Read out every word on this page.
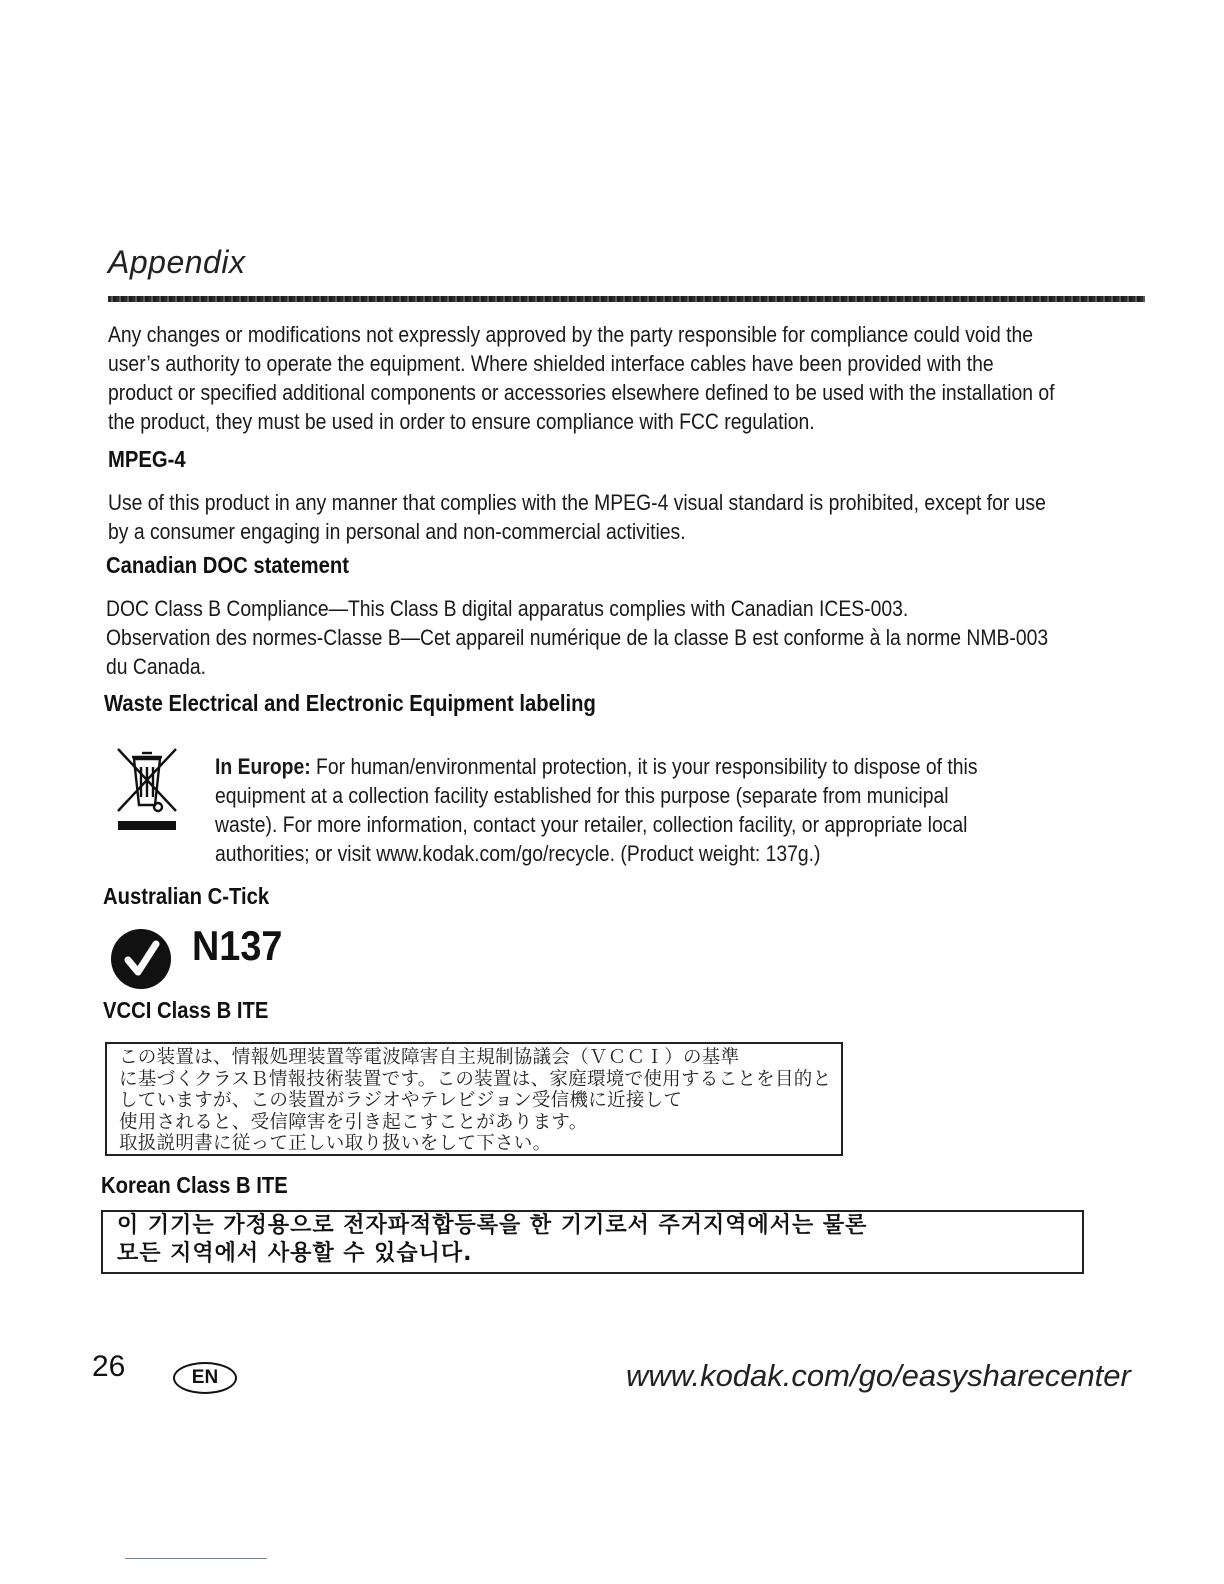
Appendix
Any changes or modifications not expressly approved by the party responsible for compliance could void the
user’s authority to operate the equipment. Where shielded interface cables have been provided with the
product or specified additional components or accessories elsewhere defined to be used with the installation of
the product, they must be used in order to ensure compliance with FCC regulation.
MPEG-4
Use of this product in any manner that complies with the MPEG-4 visual standard is prohibited, except for use
by a consumer engaging in personal and non-commercial activities.
Canadian DOC statement
DOC Class B Compliance—This Class B digital apparatus complies with Canadian ICES-003.
Observation des normes-Classe B—Cet appareil numérique de la classe B est conforme à la norme NMB-003
du Canada.
Waste Electrical and Electronic Equipment labeling
In Europe: For human/environmental protection, it is your responsibility to dispose of this
equipment at a collection facility established for this purpose (separate from municipal
waste). For more information, contact your retailer, collection facility, or appropriate local
authorities; or visit www.kodak.com/go/recycle. (Product weight: 137g.)
Australian C-Tick
N137
VCCI Class B ITE
この装置は、情報処理装置等電波障害自主規制協議会（ＶＣＣＩ）の基準
に基づくクラスＢ情報技術装置です。この装置は、家庭環境で使用することを目的としていますが、この装置がラジオやテレビジョン受信機に近接して
使用されると、受信障害を引き起こすことがあります。
取扱説明書に従って正しい取り扱いをして下さい。
Korean Class B ITE
이 기기는 가정용으로 전자파적합등록을 한 기기로서 주거지역에서는 물론
모든 지역에서 사용할 수 있습니다.
26	EN	www.kodak.com/go/easysharecenter
